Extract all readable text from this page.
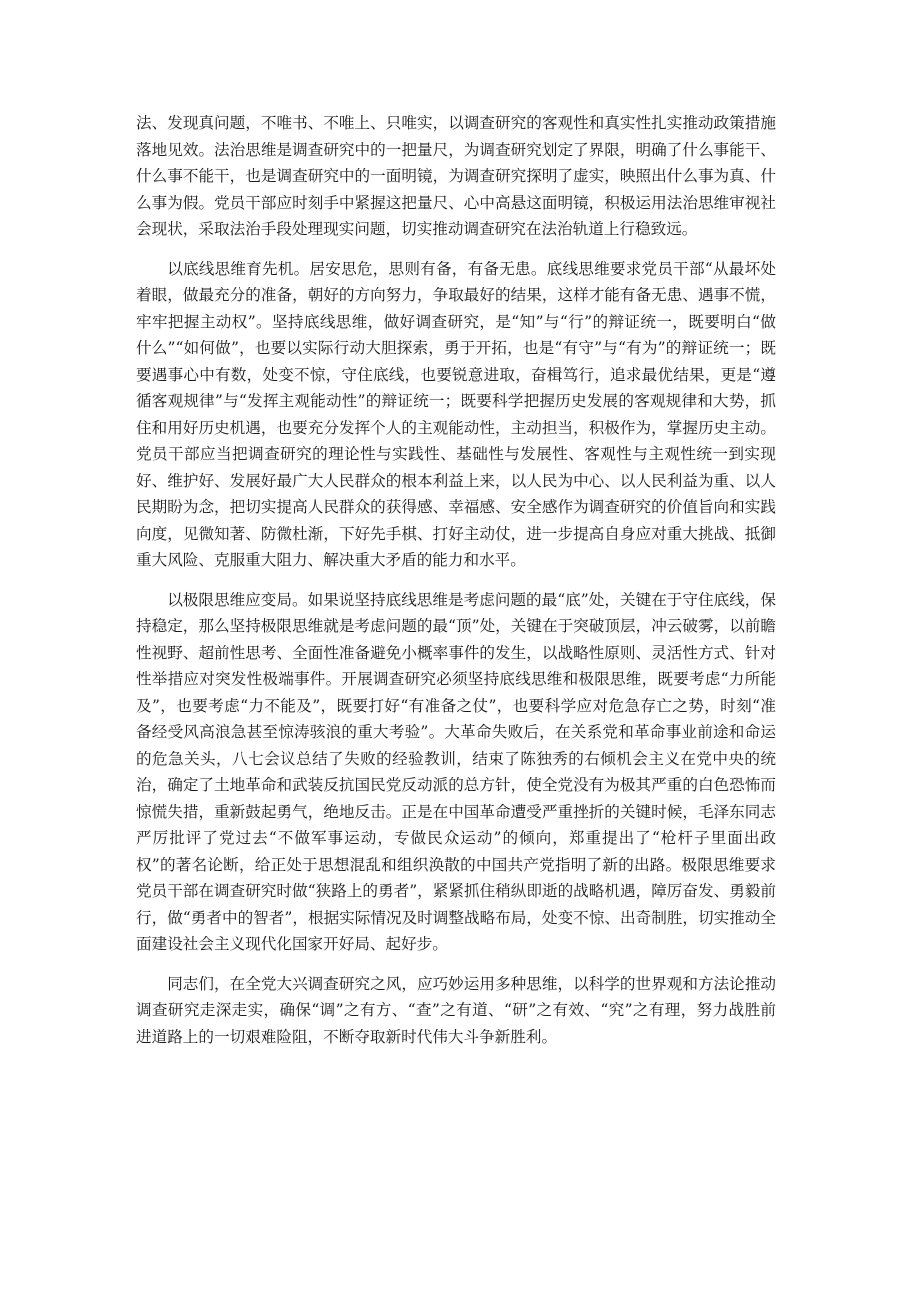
法、发现真问题，不唯书、不唯上、只唯实，以调查研究的客观性和真实性扎实推动政策措施落地见效。法治思维是调查研究中的一把量尺，为调查研究划定了界限，明确了什么事能干、什么事不能干，也是调查研究中的一面明镜，为调查研究探明了虚实，映照出什么事为真、什么事为假。党员干部应时刻手中紧握这把量尺、心中高悬这面明镜，积极运用法治思维审视社会现状，采取法治手段处理现实问题，切实推动调查研究在法治轨道上行稳致远。

以底线思维育先机。居安思危，思则有备，有备无患。底线思维要求党员干部“从最坏处着眼，做最充分的准备，朝好的方向努力，争取最好的结果，这样才能有备无患、遇事不慌，牢牢把握主动权”。坚持底线思维，做好调查研究，是“知”与“行”的辩证统一，既要明白“做什么”“如何做”，也要以实际行动大胆探索，勇于开拓，也是“有守”与“有为”的辩证统一；既要遇事心中有数，处变不惊，守住底线，也要锐意进取，奋楫笃行，追求最优结果，更是“遵循客观规律”与“发挥主观能动性”的辩证统一；既要科学把握历史发展的客观规律和大势，抓住和用好历史机遇，也要充分发挥个人的主观能动性，主动担当，积极作为，掌握历史主动。党员干部应当把调查研究的理论性与实践性、基础性与发展性、客观性与主观性统一到实现好、维护好、发展好最广大人民群众的根本利益上来，以人民为中心、以人民利益为重、以人民期盼为念，把切实提高人民群众的获得感、幸福感、安全感作为调查研究的价值旨向和实践向度，见微知著、防微杜渐，下好先手棋、打好主动仗，进一步提高自身应对重大挑战、抵御重大风险、克服重大阻力、解决重大矛盾的能力和水平。

以极限思维应变局。如果说坚持底线思维是考虑问题的最“底”处，关键在于守住底线，保持稳定，那么坚持极限思维就是考虑问题的最“顶”处，关键在于突破顶层，冲云破雾，以前瞻性视野、超前性思考、全面性准备避免小概率事件的发生，以战略性原则、灵活性方式、针对性举措应对突发性极端事件。开展调查研究必须坚持底线思维和极限思维，既要考虑“力所能及”，也要考虑“力不能及”，既要打好“有准备之仗”，也要科学应对危急存亡之势，时刻“准备经受风高浪急甚至惊涛骇浪的重大考验”。大革命失败后，在关系党和革命事业前途和命运的危急关头，八七会议总结了失败的经验教训，结束了陈独秀的右倾机会主义在党中央的统治，确定了土地革命和武装反抗国民党反动派的总方针，使全党没有为极其严重的白色恐怖而惊慌失措，重新鼓起勇气，绝地反击。正是在中国革命遭受严重挫折的关键时候，毛泽东同志严厉批评了党过去“不做军事运动，专做民众运动”的倾向，郑重提出了“枪杆子里面出政权”的著名论断，给正处于思想混乱和组织涣散的中国共产党指明了新的出路。极限思维要求党员干部在调查研究时做“狭路上的勇者”，紧紧抓住稍纵即逝的战略机遇，障厉奋发、勇毅前行，做“勇者中的智者”，根据实际情况及时调整战略布局，处变不惊、出奇制胜，切实推动全面建设社会主义现代化国家开好局、起好步。

同志们，在全党大兴调查研究之风，应巧妙运用多种思维，以科学的世界观和方法论推动调查研究走深走实，确保“调”之有方、“查”之有道、“研”之有效、“究”之有理，努力战胜前进道路上的一切艰难险阻，不断夺取新时代伟大斗争新胜利。
